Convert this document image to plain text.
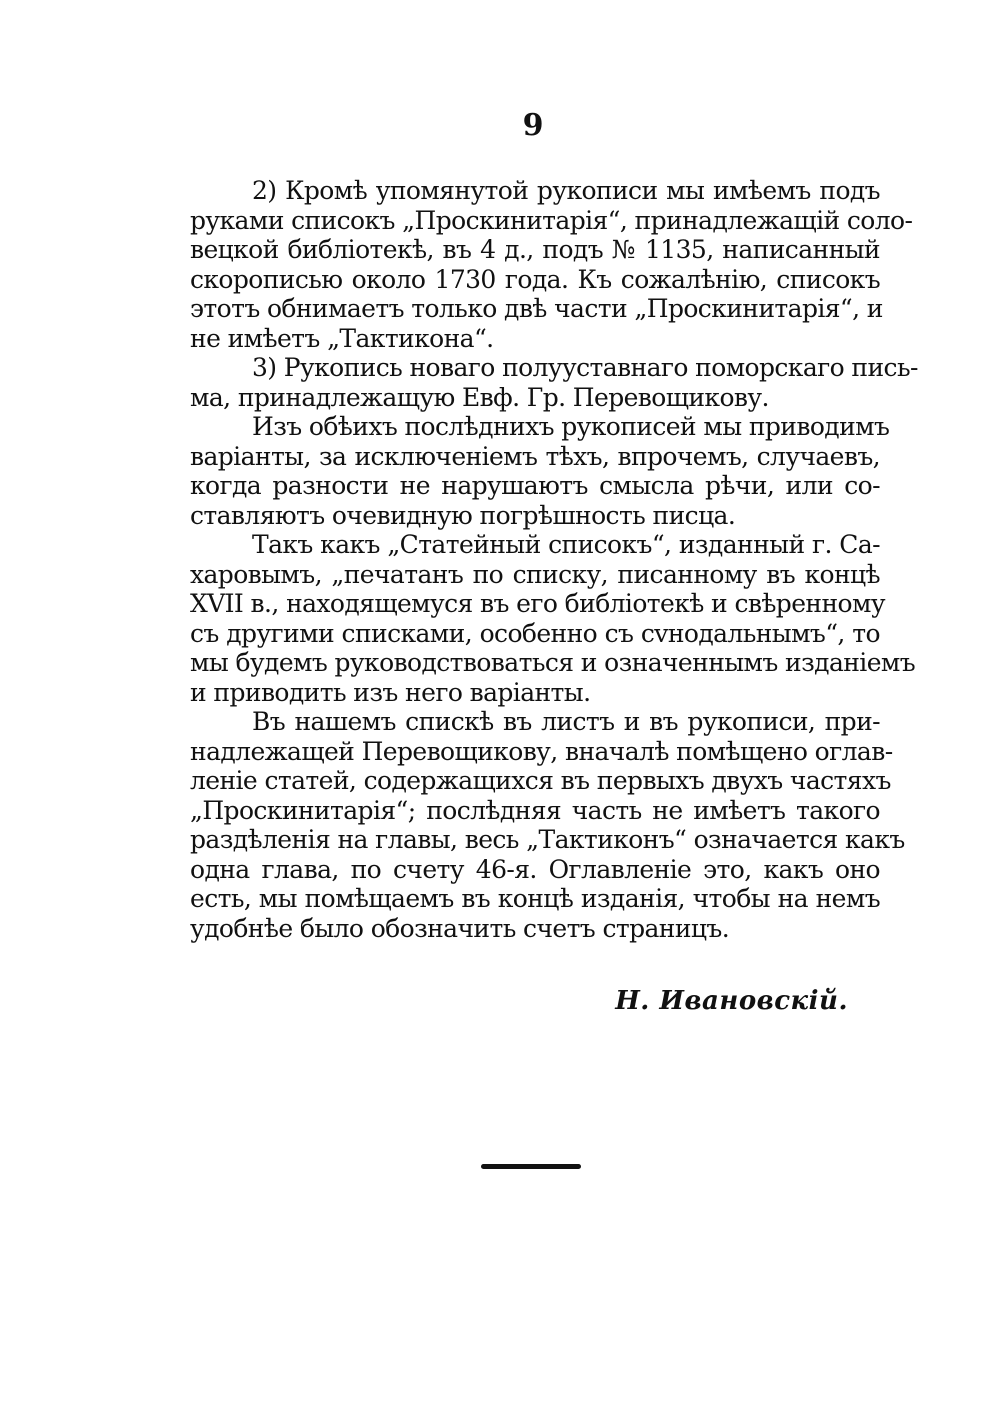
9
2) Кромѣ упомянутой рукописи мы имѣемъ подъ
руками списокъ „Проскинитарія“, принадлежащій соло-
вецкой библіотекѣ, въ 4 д., подъ № 1135, написанный
скорописью около 1730 года. Къ сожалѣнію, списокъ
этотъ обнимаетъ только двѣ части „Проскинитарія“, и
не имѣетъ „Тактикона“.
3) Рукопись новаго полууставнаго поморскаго пись-
ма, принадлежащую Евф. Гр. Перевощикову.
Изъ обѣихъ послѣднихъ рукописей мы приводимъ
варіанты, за исключеніемъ тѣхъ, впрочемъ, случаевъ,
когда разности не нарушаютъ смысла рѣчи, или со-
ставляютъ очевидную погрѣшность писца.
Такъ какъ „Статейный списокъ“, изданный г. Са-
харовымъ, „печатанъ по списку, писанному въ концѣ
XVII в., находящемуся въ его библіотекѣ и свѣренному
съ другими списками, особенно съ сvнодальнымъ“, то
мы будемъ руководствоваться и означеннымъ изданіемъ
и приводить изъ него варіанты.
Въ нашемъ спискѣ въ листъ и въ рукописи, при-
надлежащей Перевощикову, вначалѣ помѣщено оглав-
леніе статей, содержащихся въ первыхъ двухъ частяхъ
„Проскинитарія“; послѣдняя часть не имѣетъ такого
раздѣленія на главы, весь „Тактиконъ“ означается какъ
одна глава, по счету 46-я. Оглавленіе это, какъ оно
есть, мы помѣщаемъ въ концѣ изданія, чтобы на немъ
удобнѣе было обозначить счетъ страницъ.
Н. Ивановскій.
